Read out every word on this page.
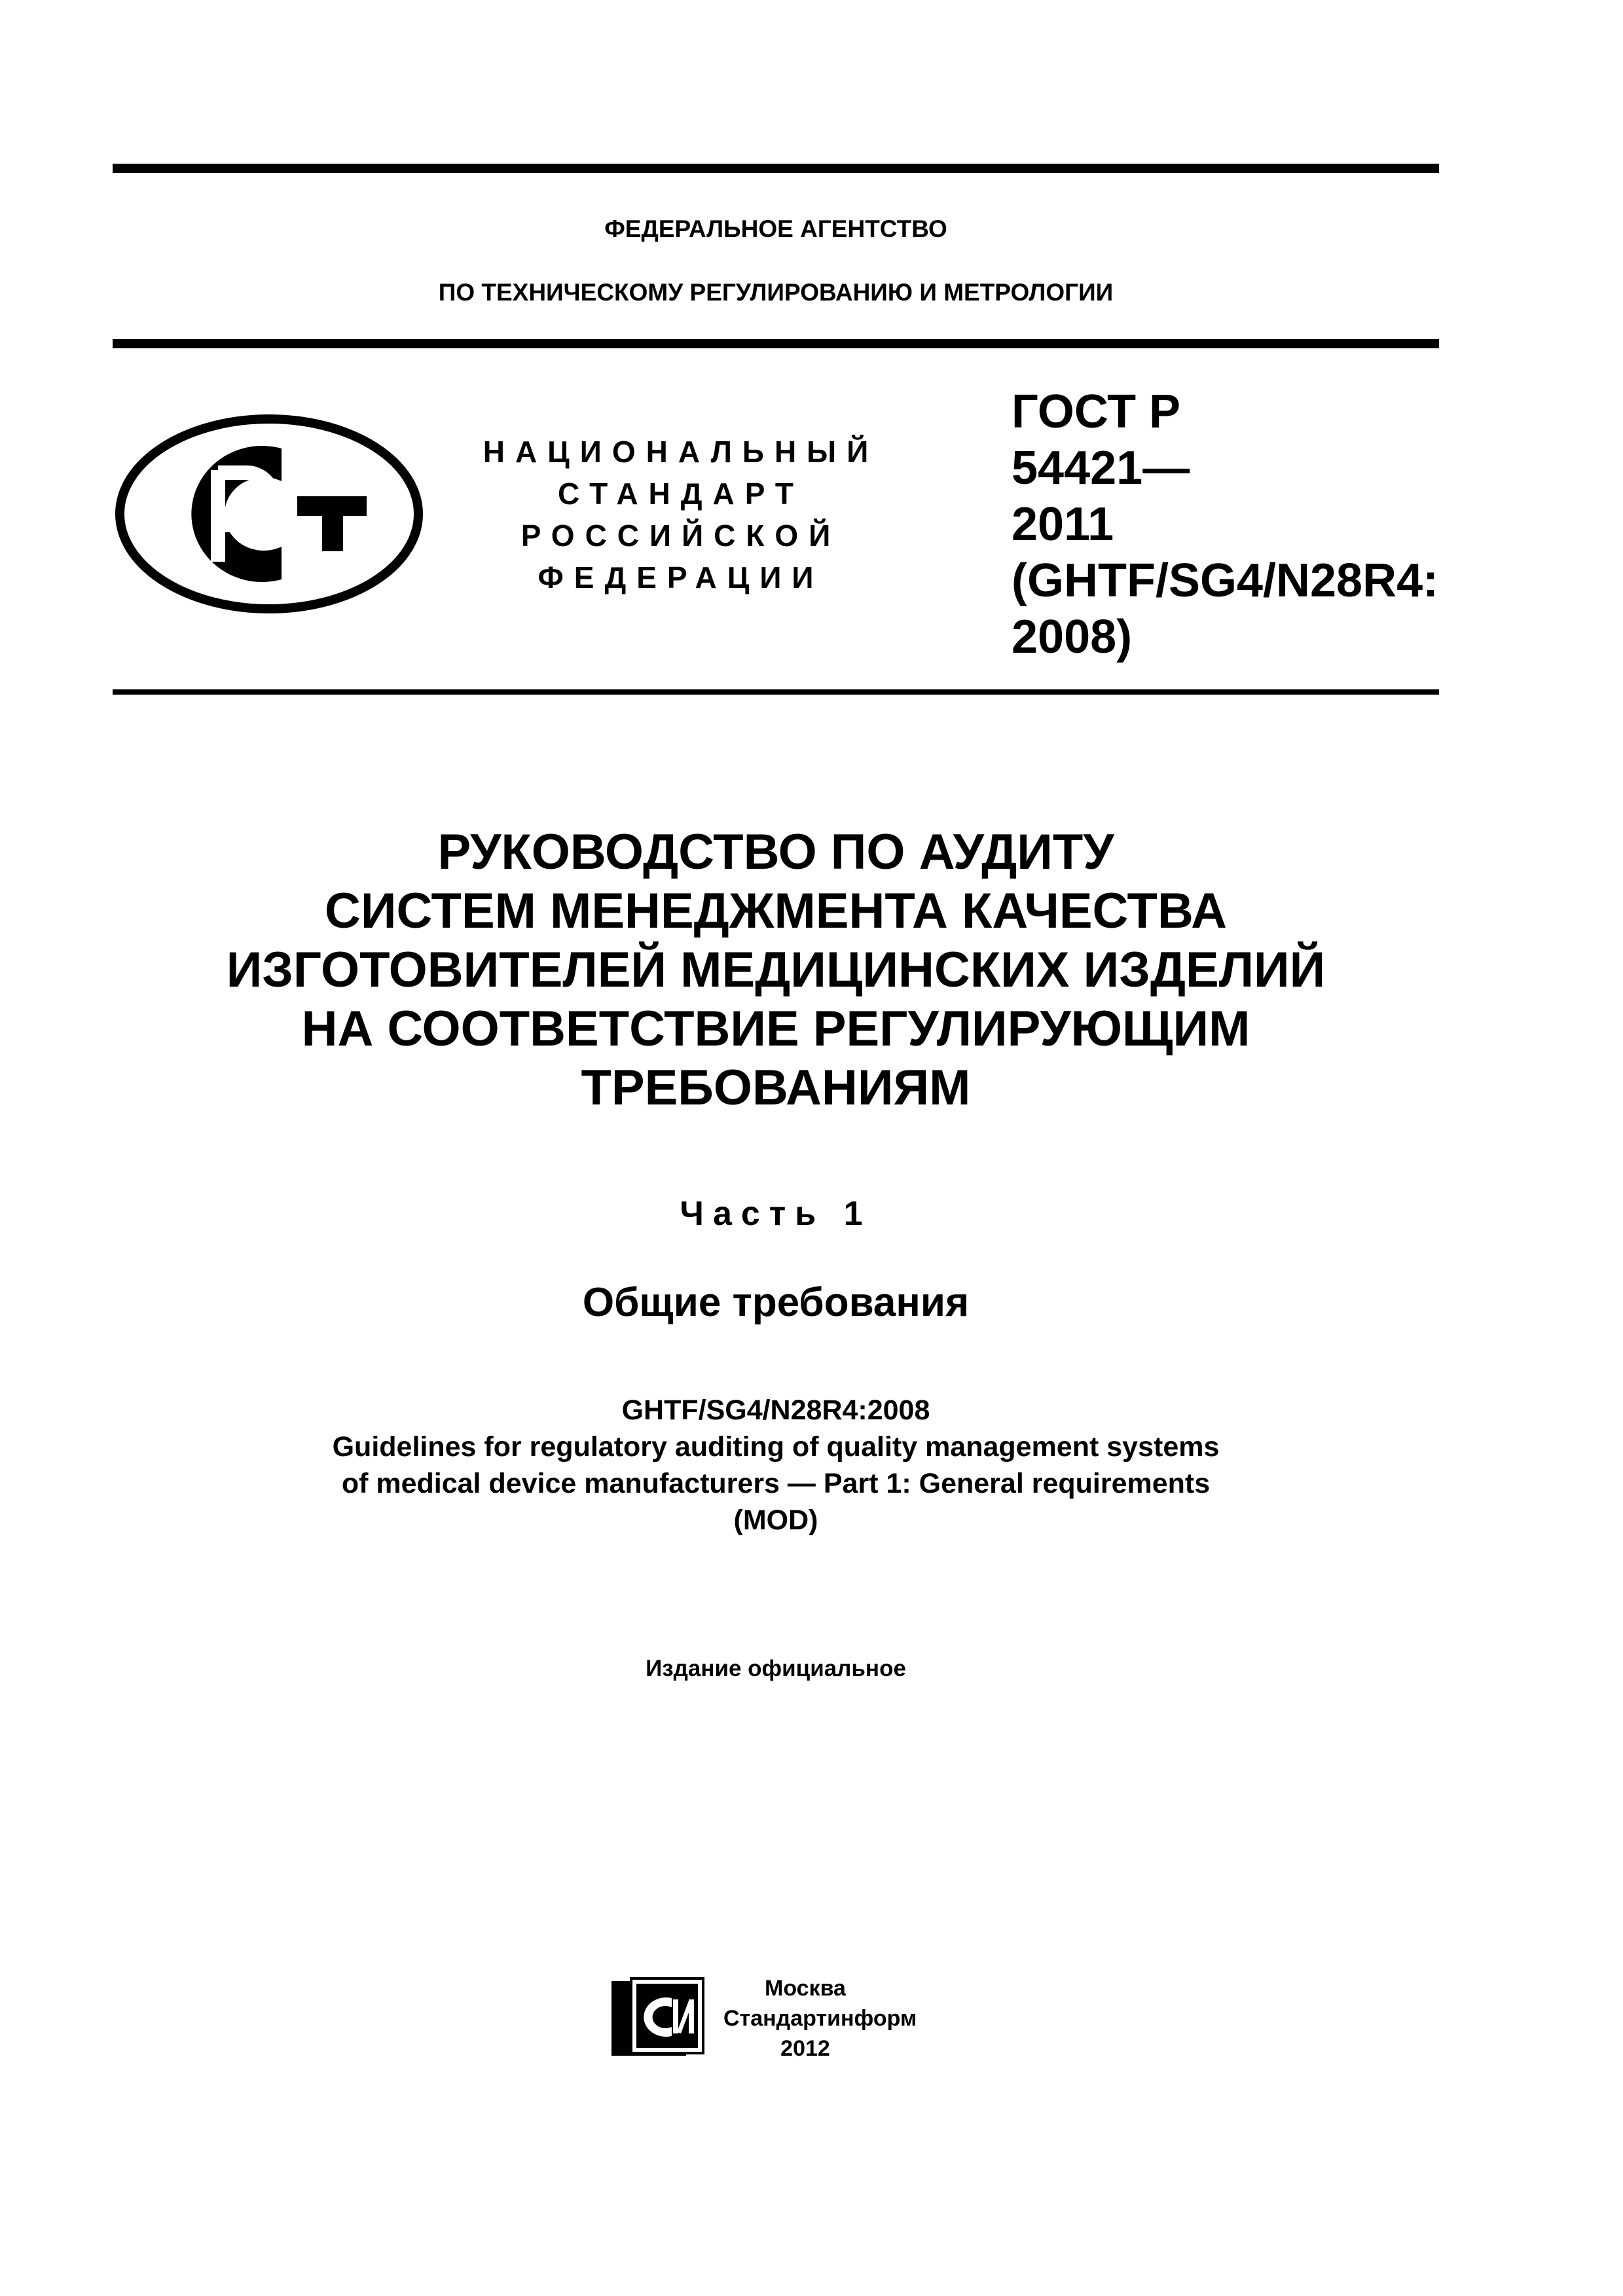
ФЕДЕРАЛЬНОЕ АГЕНТСТВО
ПО ТЕХНИЧЕСКОМУ РЕГУЛИРОВАНИЮ И МЕТРОЛОГИИ
НАЦИОНАЛЬНЫЙ
СТАНДАРТ
РОССИЙСКОЙ
ФЕДЕРАЦИИ
ГОСТ Р
54421—
2011
(GHTF/SG4/N28R4:
2008)
РУКОВОДСТВО ПО АУДИТУ
СИСТЕМ МЕНЕДЖМЕНТА КАЧЕСТВА
ИЗГОТОВИТЕЛЕЙ МЕДИЦИНСКИХ ИЗДЕЛИЙ
НА СООТВЕТСТВИЕ РЕГУЛИРУЮЩИМ
ТРЕБОВАНИЯМ
Часть 1
Общие требования
GHTF/SG4/N28R4:2008
Guidelines for regulatory auditing of quality management systems
of medical device manufacturers — Part 1: General requirements
(MOD)
Издание официальное
Москва
Стандартинформ
2012
